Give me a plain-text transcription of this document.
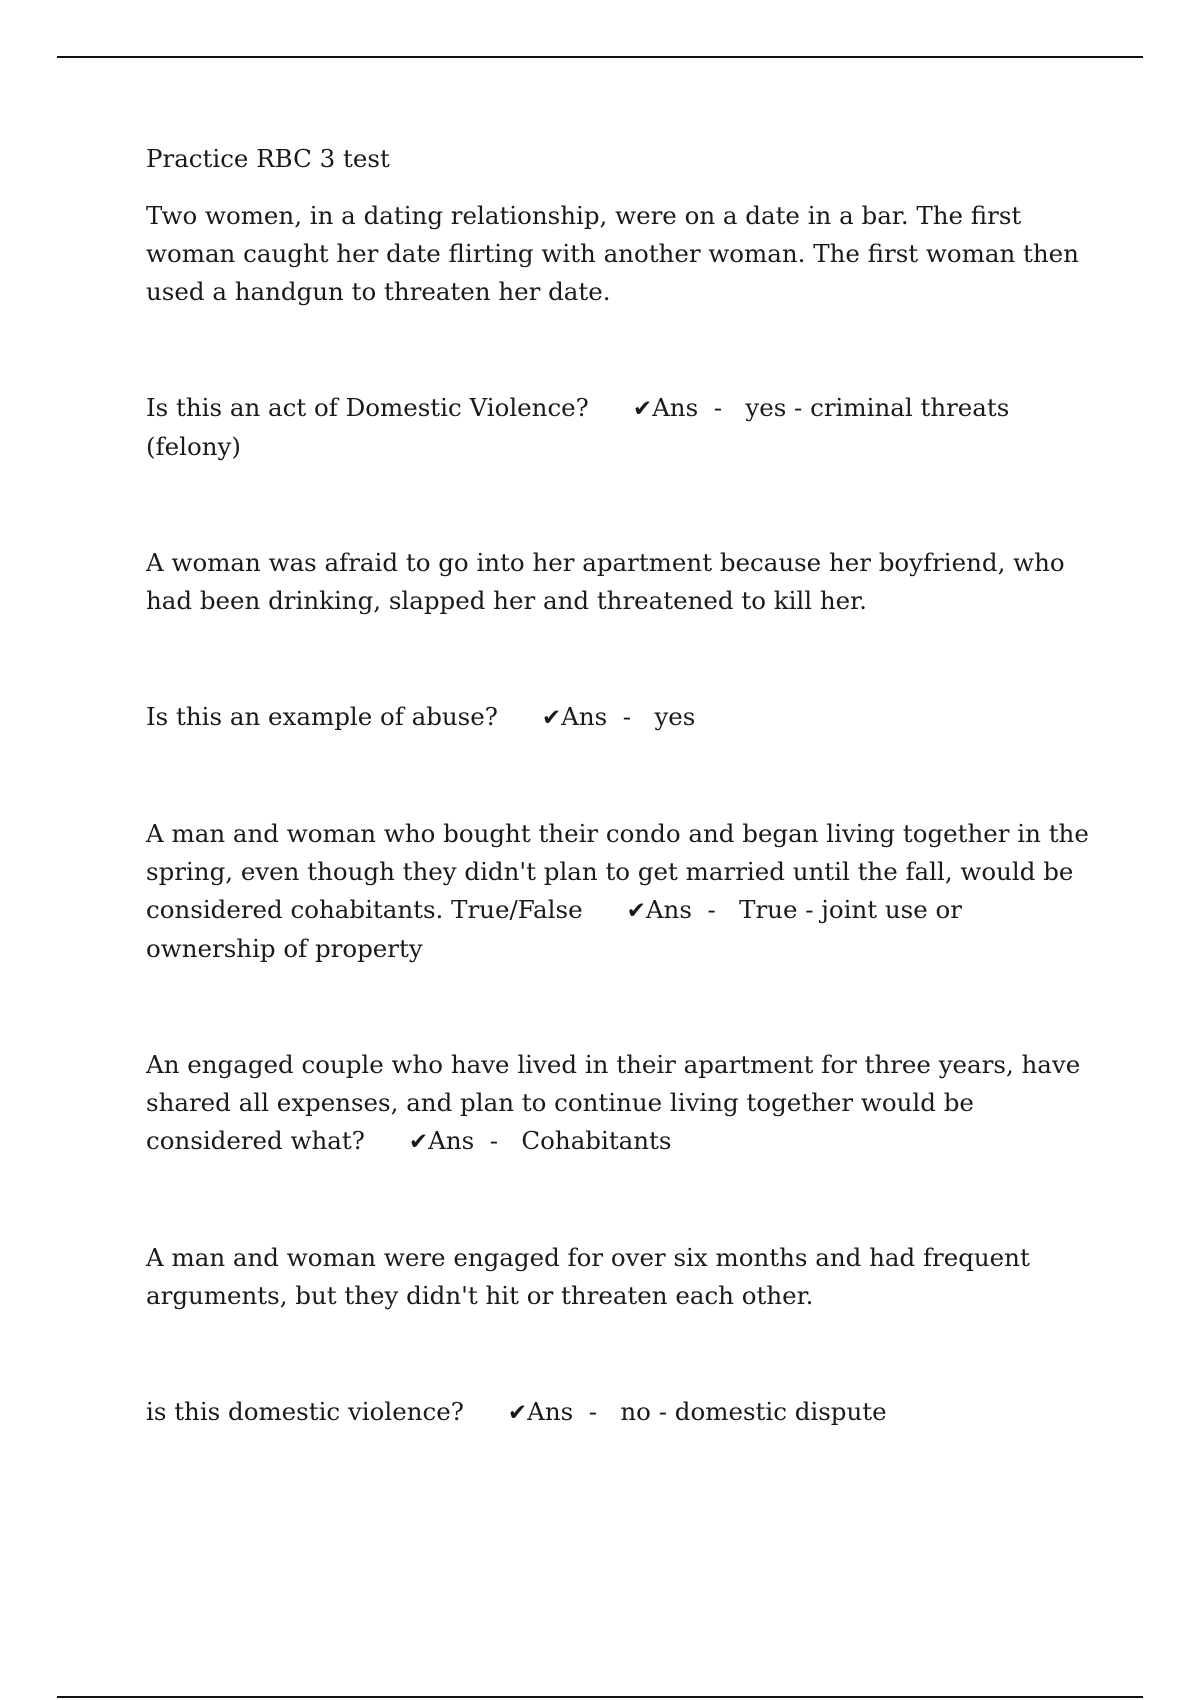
Practice RBC 3 test

Two women, in a dating relationship, were on a date in a bar. The first woman caught her date flirting with another woman. The first woman then used a handgun to threaten her date.

Is this an act of Domestic Violence? ✔Ans  -   yes - criminal threats (felony)

A woman was afraid to go into her apartment because her boyfriend, who had been drinking, slapped her and threatened to kill her.

Is this an example of abuse? ✔Ans  -   yes

A man and woman who bought their condo and began living together in the spring, even though they didn't plan to get married until the fall, would be considered cohabitants. True/False ✔Ans  -   True - joint use or ownership of property

An engaged couple who have lived in their apartment for three years, have shared all expenses, and plan to continue living together would be considered what? ✔Ans  -   Cohabitants

A man and woman were engaged for over six months and had frequent arguments, but they didn't hit or threaten each other.

is this domestic violence? ✔Ans  -   no - domestic dispute
